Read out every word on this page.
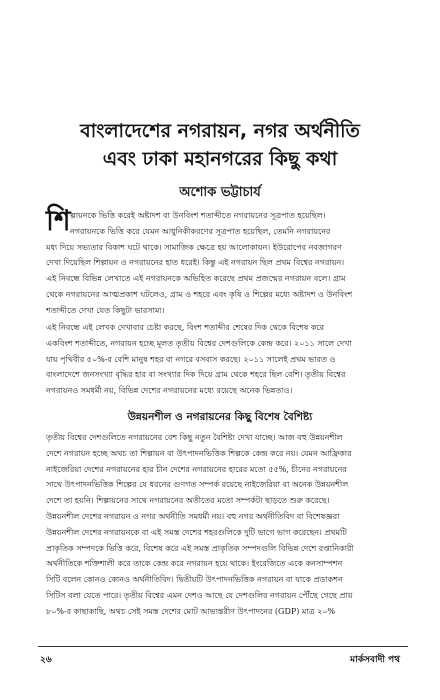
বাংলাদেশের নগরায়ন, নগর অর্থনীতি
এবং ঢাকা মহানগরের কিছু কথা
অশোক ভট্টাচার্য
শি ল্পায়নকে ভিত্তি করেই অষ্টাদশ বা উনবিংশ শতাব্দীতে নগরায়নের সূত্রপাত হয়েছিল।
নগরায়নকে ভিত্তি করে যেমন আধুনিকীকরণের সূত্রপাত হয়েছিল, তেমনি নগরায়নের
মধ্য দিয়ে সভ্যতার বিকাশ ঘটে থাকে। সামাজিক ক্ষেত্রে হয় আলোকায়ন। ইউরোপের নবজাগরণ
দেখা দিয়েছিল শিল্পায়ন ও নগরায়নের হাত ধরেই। কিন্তু এই নগরায়ন ছিল প্রথম বিশ্বের নগরায়ন।
এই নিবন্ধে বিভিন্ন লেখাতে এই নগরায়নকে অভিহিত করেছে প্রথম প্রজন্মের নগরায়ন বলে। গ্রাম
থেকে নগরায়নের আত্মপ্রকাশ ঘটলেও, গ্রাম ও শহরে এবং কৃষি ও শিল্পের মধ্যে অষ্টাদশ ও উনবিংশ
শতাব্দীতে দেখা যেত কিছুটা ভারসাম্য।
এই নিবন্ধে এই লেখক দেখাবার চেষ্টা করছে, বিংশ শতাব্দীর শেষের দিক থেকে বিশেষ করে
একবিংশ শতাব্দীতে, নগরায়ন হচ্ছে মূলত তৃতীয় বিশ্বের দেশগুলিকে কেন্দ্র করে। ২০১১ সালে দেখা
যায় পৃথিবীর ৫০%-র বেশি মানুষ শহর বা নগরে বসবাস করছে। ২০১১ সালেই প্রথম ভারত ও
বাংলাদেশে জনসংখ্যা বৃদ্ধির হার বা সংখ্যার দিক দিয়ে গ্রাম থেকে শহরে ছিল বেশি। তৃতীয় বিশ্বের
নগরায়নও সমধর্মী নয়, বিভিন্ন দেশের নগরায়নের মধ্যে রয়েছে অনেক ভিন্নতাও।
উন্নয়নশীল ও নগরায়নের কিছু বিশেষ বৈশিষ্ট্য
তৃতীয় বিশ্বের দেশগুলিতে নগরায়নের বেশ কিছু নতুন বৈশিষ্ট্য দেখা যাচ্ছে। আজ বহু উন্নয়নশীল
দেশে নগরায়ন হচ্ছে অথচ তা শিল্পায়ন বা উৎপাদনভিত্তিক শিল্পকে কেন্দ্র করে নয়। যেমন আফ্রিকার
নাইজেরিয়া দেশের নগরায়নের হার চীন দেশের নগরায়নের হারের মতো ৫৫%, চীনের নগরায়নের
সাথে উৎপাদনভিত্তিক শিল্পের যে ধরনের গুণগত সম্পর্ক রয়েছে নাইজেরিয়া বা অনেক উন্নয়নশীল
দেশে তা হয়নি। শিল্পায়নের সাথে নগরায়নের অতীতের মতো সম্পর্কটা ছাড়তে শুরু করেছে।
উন্নয়নশীল দেশের নগরায়ন ও নগর অর্থনীতি সমধর্মী নয়। বহু নগর অর্থনীতিবিদ বা বিশেষজ্ঞরা
উন্নয়নশীল দেশের নগরায়নকে বা এই সমস্ত দেশের শহরগুলিকে দুটি ভাগে ভাগ করেছেন। প্রথমটি
প্রাকৃতিক সম্পদকে ভিত্তি করে, বিশেষ করে এই সমস্ত প্রাকৃতিক সম্পদগুলি বিভিন্ন দেশে রপ্তানিকারী
অর্থনীতিকে শক্তিশালী করে তাকে কেন্দ্র করে নগরায়ন হয়ে থাকে। ইংরেজিতে একে কনসাম্পশন
সিটি বলেন কোনও কোনও অর্থনীতিবিদ। দ্বিতীয়টি উৎপাদনভিত্তিক নগরায়ন বা যাকে প্রডাকশন
সিটিস বলা যেতে পারে। তৃতীয় বিশ্বের এমন দেশও আছে যে দেশগুলির নগরায়ন পৌঁছে গেছে প্রায়
৮০%-র কাছাকাছি, অথচ সেই সমস্ত দেশের মোট আভ্যন্তরীণ উৎপাদনের (GDP) মাত্র ২০%
২৬	মার্কসবাদী পথ
